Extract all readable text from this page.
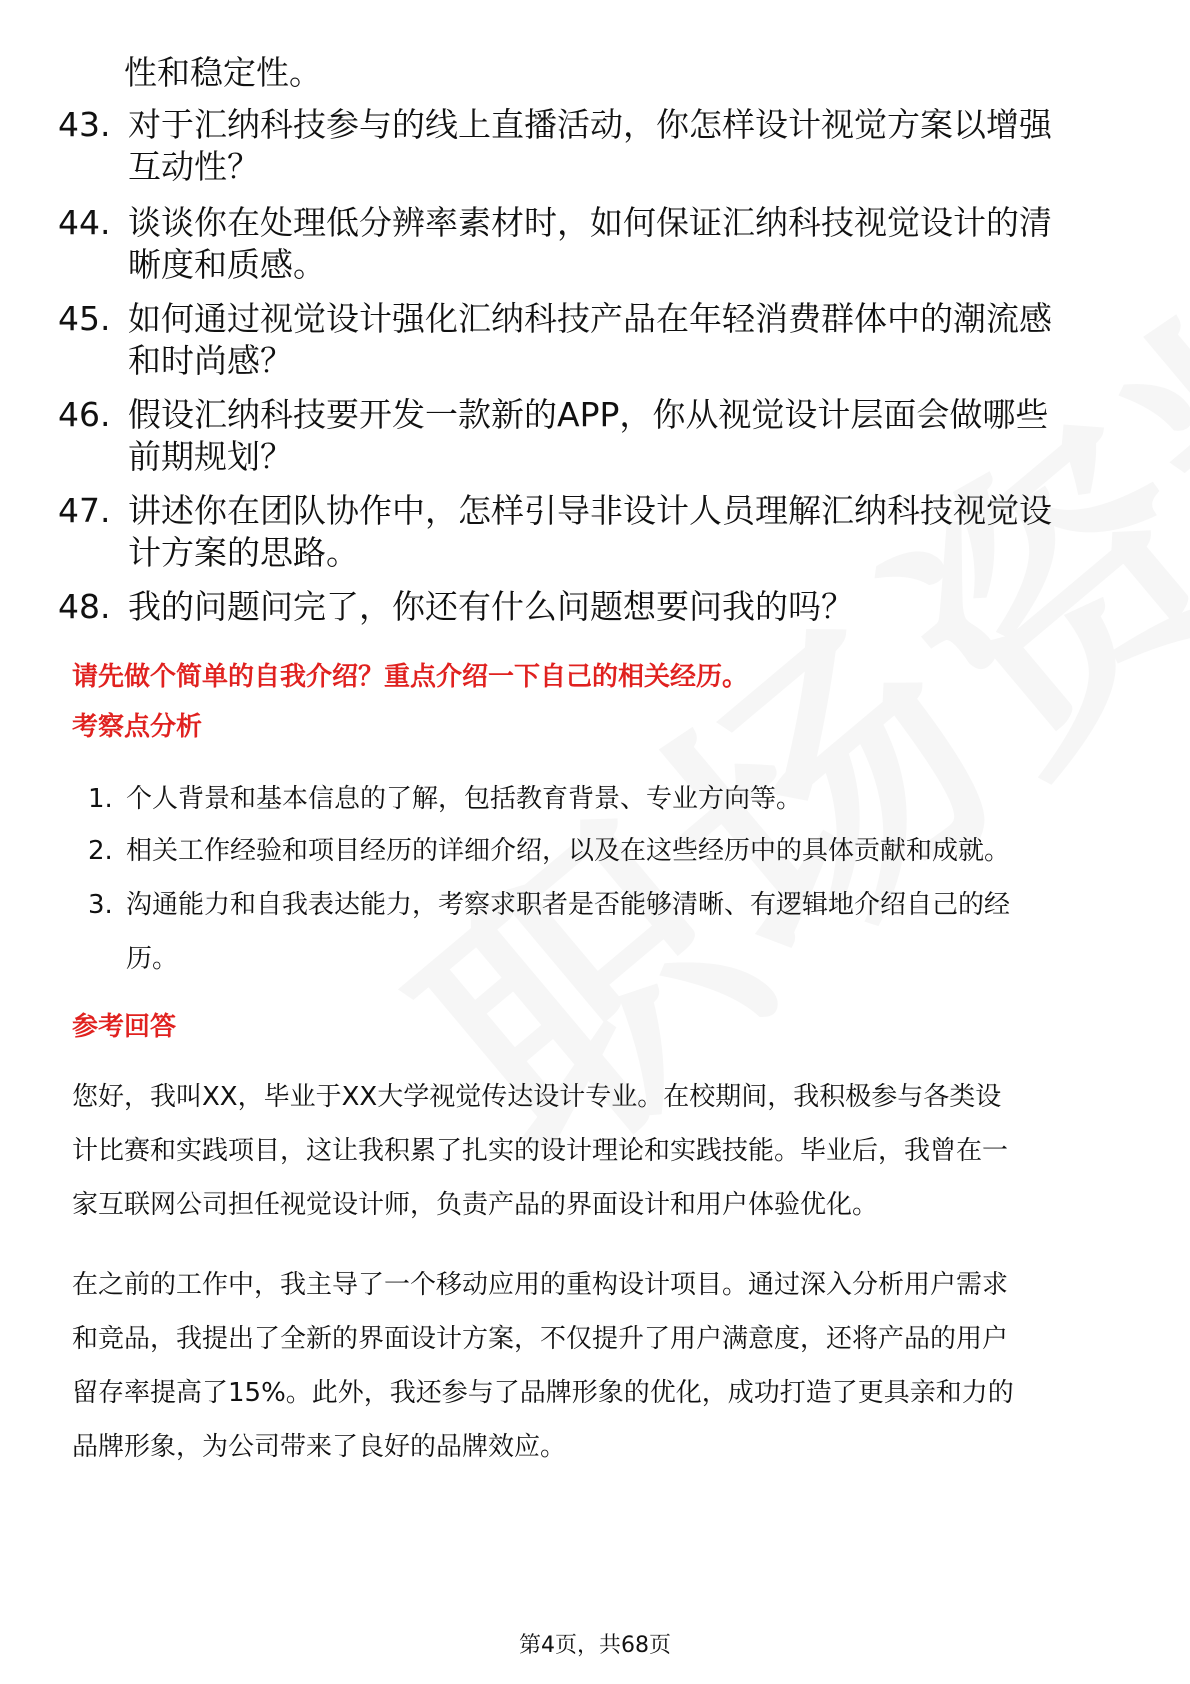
性和稳定性。
43. 对于汇纳科技参与的线上直播活动，你怎样设计视觉方案以增强
互动性？
44. 谈谈你在处理低分辨率素材时，如何保证汇纳科技视觉设计的清
晰度和质感。
45. 如何通过视觉设计强化汇纳科技产品在年轻消费群体中的潮流感
和时尚感？
46. 假设汇纳科技要开发一款新的APP，你从视觉设计层面会做哪些
前期规划？
47. 讲述你在团队协作中，怎样引导非设计人员理解汇纳科技视觉设
计方案的思路。
48. 我的问题问完了，你还有什么问题想要问我的吗？
请先做个简单的自我介绍？重点介绍一下自己的相关经历。
考察点分析
1. 个人背景和基本信息的了解，包括教育背景、专业方向等。
2. 相关工作经验和项目经历的详细介绍，以及在这些经历中的具体贡献和成就。
3. 沟通能力和自我表达能力，考察求职者是否能够清晰、有逻辑地介绍自己的经
历。
参考回答
您好，我叫XX，毕业于XX大学视觉传达设计专业。在校期间，我积极参与各类设
计比赛和实践项目，这让我积累了扎实的设计理论和实践技能。毕业后，我曾在一
家互联网公司担任视觉设计师，负责产品的界面设计和用户体验优化。
在之前的工作中，我主导了一个移动应用的重构设计项目。通过深入分析用户需求
和竞品，我提出了全新的界面设计方案，不仅提升了用户满意度，还将产品的用户
留存率提高了15%。此外，我还参与了品牌形象的优化，成功打造了更具亲和力的
品牌形象，为公司带来了良好的品牌效应。
第4页，共68页
